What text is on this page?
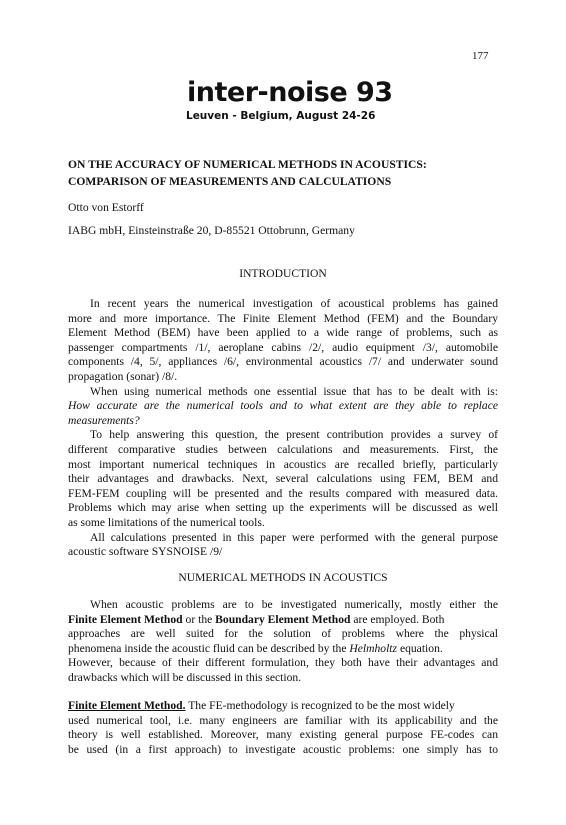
177
inter-noise 93
Leuven - Belgium, August 24-26
ON THE ACCURACY OF NUMERICAL METHODS IN ACOUSTICS:
COMPARISON OF MEASUREMENTS AND CALCULATIONS
Otto von Estorff
IABG mbH, Einsteinstraße 20, D-85521 Ottobrunn, Germany
INTRODUCTION
In recent years the numerical investigation of acoustical problems has gained
more and more importance. The Finite Element Method (FEM) and the Boundary
Element Method (BEM) have been applied to a wide range of problems, such as
passenger compartments /1/, aeroplane cabins /2/, audio equipment /3/, automobile
components /4, 5/, appliances /6/, environmental acoustics /7/ and underwater sound
propagation (sonar) /8/.
When using numerical methods one essential issue that has to be dealt with is:
How accurate are the numerical tools and to what extent are they able to replace
measurements?
To help answering this question, the present contribution provides a survey of
different comparative studies between calculations and measurements. First, the
most important numerical techniques in acoustics are recalled briefly, particularly
their advantages and drawbacks. Next, several calculations using FEM, BEM and
FEM-FEM coupling will be presented and the results compared with measured data.
Problems which may arise when setting up the experiments will be discussed as well
as some limitations of the numerical tools.
All calculations presented in this paper were performed with the general purpose
acoustic software SYSNOISE /9/
NUMERICAL METHODS IN ACOUSTICS
When acoustic problems are to be investigated numerically, mostly either the
Finite Element Method or the Boundary Element Method are employed. Both
approaches are well suited for the solution of problems where the physical
phenomena inside the acoustic fluid can be described by the Helmholtz equation.
However, because of their different formulation, they both have their advantages and
drawbacks which will be discussed in this section.
Finite Element Method. The FE-methodology is recognized to be the most widely
used numerical tool, i.e. many engineers are familiar with its applicability and the
theory is well established. Moreover, many existing general purpose FE-codes can
be used (in a first approach) to investigate acoustic problems: one simply has to
